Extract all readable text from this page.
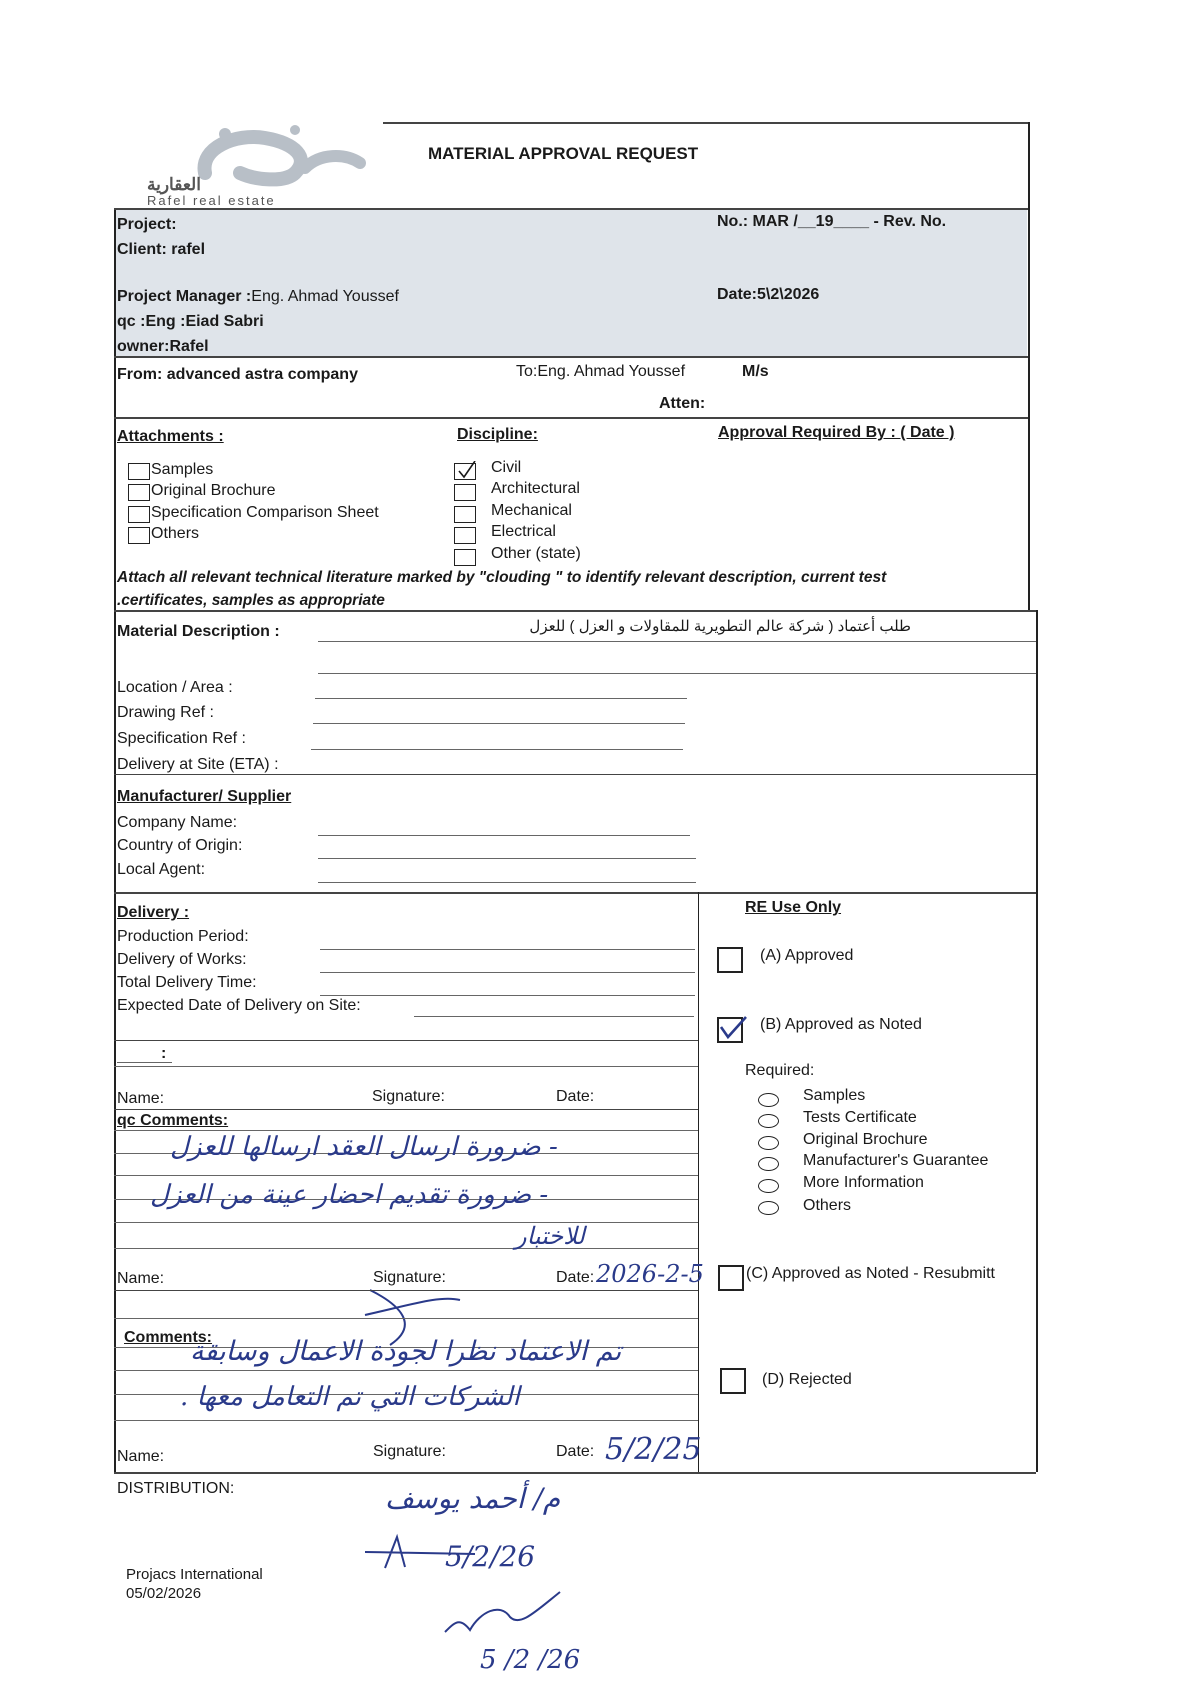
العقارية
Rafel real estate
MATERIAL APPROVAL REQUEST
Project:
Client: rafel
No.: MAR /__19____ - Rev. No.
Project Manager :Eng. Ahmad Youssef	Date:5\2\2026
qc :Eng :Eiad Sabri
owner:Rafel
From: advanced astra company	To:Eng. Ahmad Youssef	M/s
Atten:
Attachments :
Samples
Original Brochure
Specification Comparison Sheet
Others
Discipline:
Civil
Architectural
Mechanical
Electrical
Other (state)
Approval Required By : ( Date )
Attach all relevant technical literature marked by "clouding " to identify relevant description, current test
.certificates, samples as appropriate
Material Description :	طلب أعتماد ( شركة عالم التطويرية للمقاولات و العزل ) للعزل
Location / Area :
Drawing Ref :
Specification Ref :
Delivery at Site (ETA) :
Manufacturer/ Supplier
Company Name:
Country of Origin:
Local Agent:
Delivery :
Production Period:
Delivery of Works:
Total Delivery Time:
Expected Date of Delivery on Site:
:
Name:	Signature:	Date:
qc Comments:
- ضرورة ارسال العقد ارسالها للعزل
- ضرورة تقديم احضار عينة من العزل
للاختبار
Name:	Signature:	Date: 2026-2-5
Comments:
تم الاعتماد نظرا لجودة الاعمال وسابقة
الشركات التي تم التعامل معها .
Name:	Signature:	Date: 5/2/25
RE Use Only
(A) Approved
(B) Approved as Noted
Required:
Samples
Tests Certificate
Original Brochure
Manufacturer's Guarantee
More Information
Others
(C) Approved as Noted - Resubmitt
(D) Rejected
DISTRIBUTION:	م/ أحمد يوسف
5/2/26
Projacs International
05/02/2026
5 /2 /26
